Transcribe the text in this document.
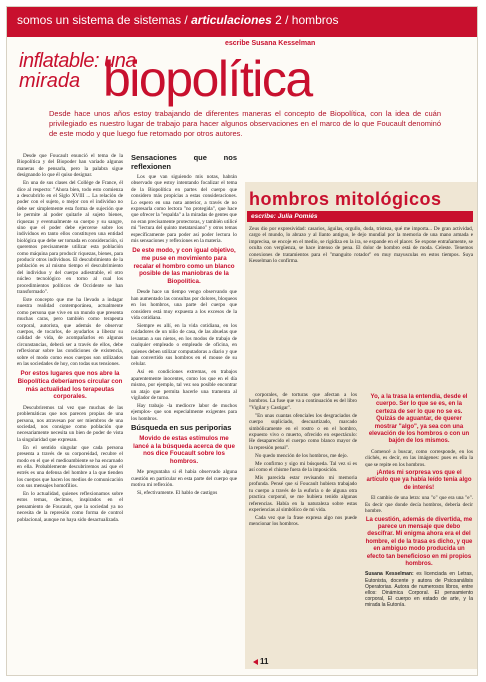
somos un sistema de sistemas / articulaciones 2 / hombros
escribe Susana Kesselman
inflatable: una
mirada biopolítica
Desde hace unos años estoy trabajando de diferentes maneras el concepto de Biopolítica, con la idea de cuán privilegiado es nuestro lugar de trabajo para hacer algunos observaciones en el marco de lo que Foucault denominó de este modo y que luego fue retomado por otros autores.

Desde que Foucault enunció el tema de la Biopolítica y del Biopoder han variado algunas maneras de pensarla, pero la palabra sigue designando lo que él quiso designar.

En una de sus clases del Collège de France, él dice al respecto: "Ahora bien, todo esto comienza a descubrirlo en el Siglo XVIII ... La relación de poder con el sujeto, o mejor con el individuo no debe ser simplemente esta forma de sujeción que le permite al poder quitarle al sujeto bienes, riquezas y eventualmente su cuerpo y su sangre, sino que el poder debe ejercerse sobre los individuos en tanto ellos constituyen una entidad biológica que debe ser tomada en consideración, si queremos precisamente utilizar esta población como máquina para producir riquezas, bienes, para producir otros individuos. El descubrimiento de la población es al mismo tiempo el descubrimiento del individuo y del cuerpo adiestrable, el otro núcleo tecnológico en torno al cual los procedimientos políticos de Occidente se han transformado".

Este concepto que me ha llevado a indagar nuestra realidad contemporánea, actualmente como persona que vive en un mundo que presenta muchas caras, pero también como terapeuta corporal, autorista, que además de observar cuerpos, de tocarlos, de ayudarlos a liberar su calidad de vida, de acompañarlos en algunas circunstancias, deberá ser a través de ellos, debe reflexionar sobre las condiciones de existencia, sobre el modo como esos cuerpos son utilizados en las sociedades de hoy, con todas sus tensiones.

Por estos lugares que nos abre la Biopolítica deberíamos circular con más actualidad los terapeutas corporales.

Descubriremos tal vez que muchas de las problemáticas que nos parecen propias de una persona, nos atravesan por ser miembros de una sociedad, nos consigue como población que necesariamente necesita un bien de poder de vista la singularidad que expresan.

En el sentido singular que cada persona presenta a través de su corporeidad, recubre el modo en el que el medioambiente se ha encarnado en ella. Probablemente descubriremos así que el estrés es una defensa del hombre a la que tienden los cuerpos que hacen los medios de comunicación con sus mensajes homofilios.

En lo actualidad, quienes reflexionamos sobre estos temas, decimos, inspirados en el pensamiento de Foucault, que la sociedad ya no necesita de la represión como forma de control poblacional, aunque no haya sido desactualizada.

Sensaciones que nos reflexionen

Los que van siguiendo mis notas, habrán observado que estoy intentando focalizar el tema de la Biopolítica en partes del cuerpo que considero más propicias a estas consideraciones. Lo espero en una nota anterior, a través de no expresarla como lectora "no protegida", que hace que ofrecer la "espalda" a la miradas de gentes que no eran precisamente protectoras, y también utilicé mi "lectura del quinto metatarsiano" y otros temas específicamente para poder así poder lectura lo mis sensaciones y reflexiones en la materia.

De este modo, y con igual objetivo, me puse en movimiento para recalar el hombro como un blanco posible de las maniobras de la Biopolítica.

Desde hace un tiempo vengo observando que han aumentado las consultas por dolores, bloqueos en los hombros, una parte del cuerpo que considero está muy expuesta a los excesos de la vida cotidiana.

Siempre es allí, en la vida cotidiana, en los cuidadores de un niño de casa, de las abuelas que levantan a sus nietos, en los modos de trabajo de cualquier empleado o empleado de oficina, en quienes deben utilizar computadoras a diario y que han convertido sus hombros en el mouse de su celular.

Así en condiciones extremas, en trabajos aparentemente inocentes, como los que en el día mismo, por ejemplo, tal vez sea posible encontrar un atajo que permita hacerle una tramenta al vigilador de turno.

Hay trabajo -la mediocre labor de muchos ejemplos- que son especialmente exigentes para los hombros.

Búsqueda en sus periporias
Movido de estas estímulos me lancé a la búsqueda acerca de que nos dice Foucault sobre los hombros.

Me preguntaba si él había observado alguna cuestión en particular en esta parte del cuerpo que motiva mi reflexión.

Si, efectivamente. El hablo de castigos

hombros mitológicos
escribe: Julia Pomiés
Zeus dio por expresividad: casarios, águilas, orgullo, duda, tristeza, qué me importa... De gran actividad, cargo el mundo, lo abrazo y al llanto antiguo, le dejo mundial por la memoria de una mano armada e imprecisa, se encoje en el medio, se rigidiza en la ira, se expande en el placer. Se expone entrañamente, se oculta con vergüenza, se hace intenso de pena. El dolor de hombro está de moda. Celeste. Tenemos conexiones de tratamientos para el "manguito rotador" en muy mayusculas en estos tiempos. Suya Kesselman lo confirma.

corporales, de torturas que afectan a los hombros. La fuse que va a continuación es del libro "Vigilar y Castigar".

"En unas cuantas ofenciales los desgraciados de cuerpo supliciado, descuartizado, marcado simbólicamente en el rostro o en el hombro, expuesto vivo o muerto, ofrecido en espectáculo: He desaparecido el cuerpo como blanco mayor de la represión penal".

No quedo mención de los hombros, me dejo.

Me confirmo y sigo mi búsqueda. Tal vez si es así como el chisme fuera de la imposición.

Mis parecida estar revisando mi memoria profunda. Pensé que si Foucault hubiera trabajado tu cuerpo a través de la euforia o de alguna otra practica corporal, se me hubiera tenido algunas referencias. Había en la naturaleza sobre estas experiencias al simbólico de mi vida.

Cada vez que la frase expresa algo nos puede mencionar los hombros.

Yo, a la trasa la entendia, desde el cuerpo. Ser lo que se es, en la certeza de ser lo que no se es. Quizás de aguantar, de querer mostrar "algo", ya sea con una elevación de los hombros o con un bajón de los mismos.

Comencé a buscar, como corresponde, en los clichés, es decir, en las imágenes: pues es ella la que se repite en los hombros.

¡Antes mi sorpresa vos que el artículo que ya había leído tenía algo de interés!

El cambio de una letra: una "o" que era una "e". Es decir que donde decía hombros, debería decir hombre.

La cuestión, además de divertida, me parece un mensaje que debo descifrar. Mi enigma ahora era el del hombre, el de la trasa es dicho, y que en ambiguo modo producida un efecto tan beneficioso en mi propios hombros.

Susana Kesselman: es licenciada en Letras, Eutonista, docente y autora de Psicoanálisis Operatorias. Autora de numerosos libros, entre ellos: Dinámica Corporal. El pensamiento corporal, El cuerpo en estado de arte, y la mirada la Eutonía.

11
